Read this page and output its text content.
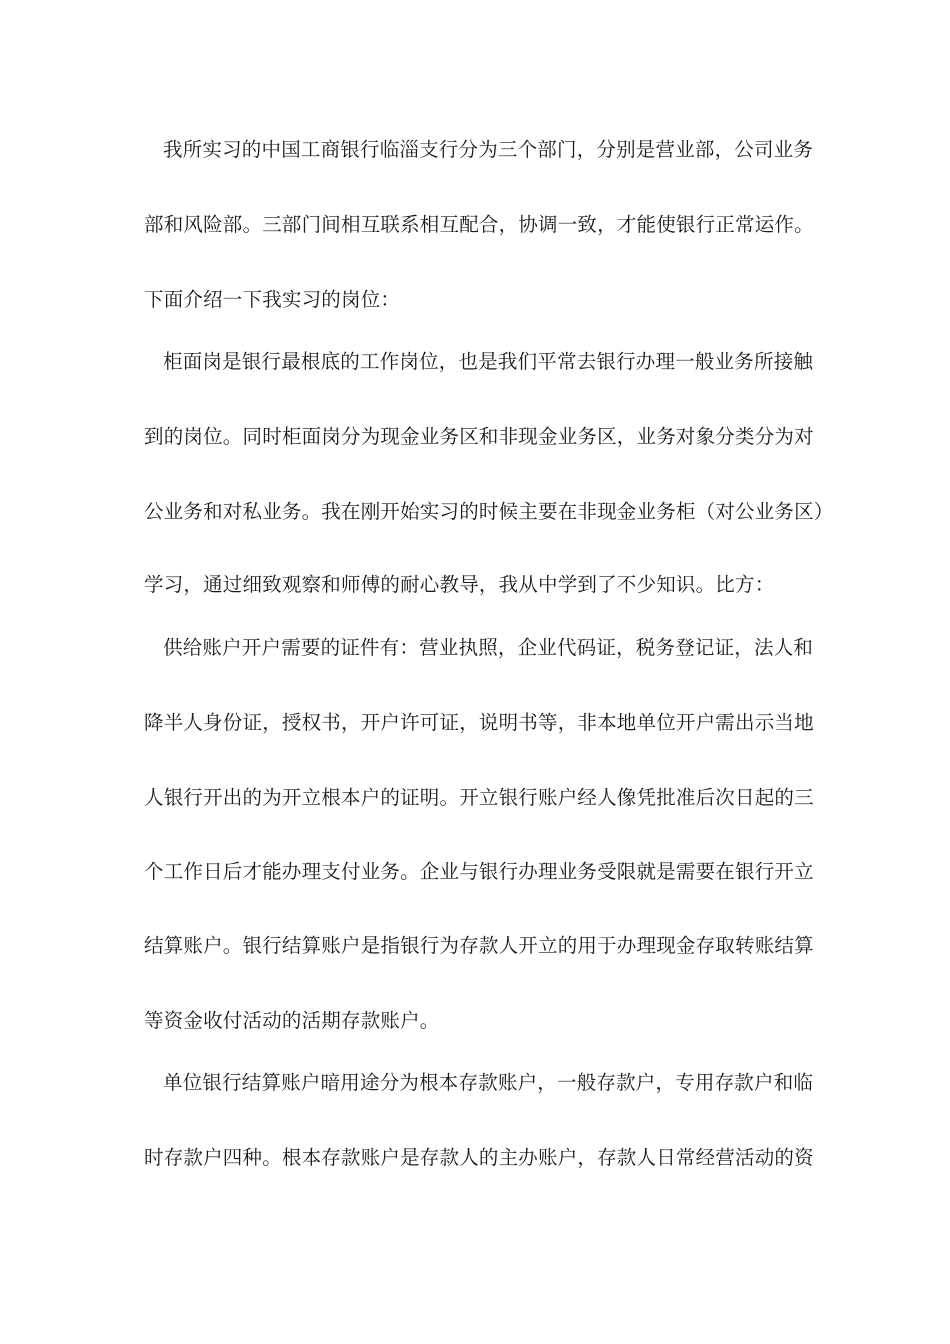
我所实习的中国工商银行临淄支行分为三个部门，分别是营业部，公司业务
部和风险部。三部门间相互联系相互配合，协调一致，才能使银行正常运作。
下面介绍一下我实习的岗位：
柜面岗是银行最根底的工作岗位，也是我们平常去银行办理一般业务所接触
到的岗位。同时柜面岗分为现金业务区和非现金业务区，业务对象分类分为对
公业务和对私业务。我在刚开始实习的时候主要在非现金业务柜（对公业务区）
学习，通过细致观察和师傅的耐心教导，我从中学到了不少知识。比方：
供给账户开户需要的证件有：营业执照，企业代码证，税务登记证，法人和
降半人身份证，授权书，开户许可证，说明书等，非本地单位开户需出示当地
人银行开出的为开立根本户的证明。开立银行账户经人像凭批准后次日起的三
个工作日后才能办理支付业务。企业与银行办理业务受限就是需要在银行开立
结算账户。银行结算账户是指银行为存款人开立的用于办理现金存取转账结算
等资金收付活动的活期存款账户。
单位银行结算账户暗用途分为根本存款账户，一般存款户，专用存款户和临
时存款户四种。根本存款账户是存款人的主办账户，存款人日常经营活动的资
